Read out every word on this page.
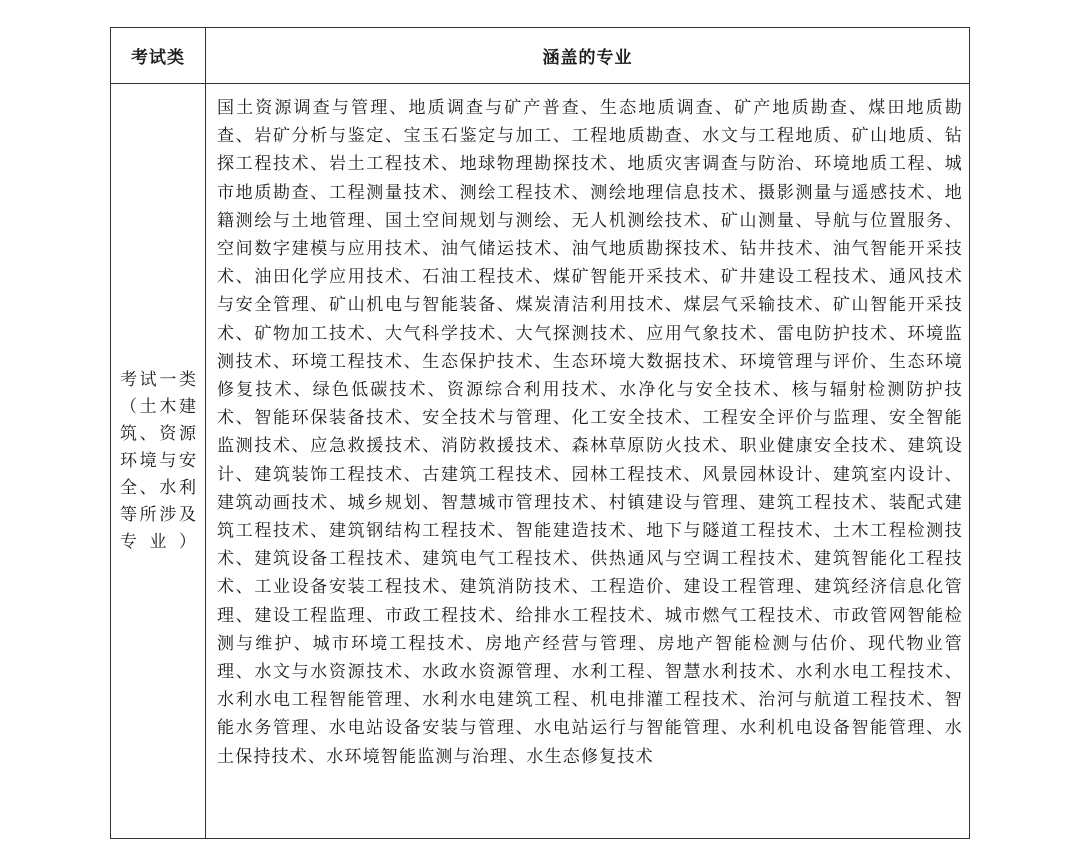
考试类	涵盖的专业
考试一类（土木建筑、资源环境与安全、水利等所涉及专业）

国土资源调查与管理、地质调查与矿产普查、生态地质调查、矿产地质勘查、煤田地质勘查、岩矿分析与鉴定、宝玉石鉴定与加工、工程地质勘查、水文与工程地质、矿山地质、钻探工程技术、岩土工程技术、地球物理勘探技术、地质灾害调查与防治、环境地质工程、城市地质勘查、工程测量技术、测绘工程技术、测绘地理信息技术、摄影测量与遥感技术、地籍测绘与土地管理、国土空间规划与测绘、无人机测绘技术、矿山测量、导航与位置服务、空间数字建模与应用技术、油气储运技术、油气地质勘探技术、钻井技术、油气智能开采技术、油田化学应用技术、石油工程技术、煤矿智能开采技术、矿井建设工程技术、通风技术与安全管理、矿山机电与智能装备、煤炭清洁利用技术、煤层气采输技术、矿山智能开采技术、矿物加工技术、大气科学技术、大气探测技术、应用气象技术、雷电防护技术、环境监测技术、环境工程技术、生态保护技术、生态环境大数据技术、环境管理与评价、生态环境修复技术、绿色低碳技术、资源综合利用技术、水净化与安全技术、核与辐射检测防护技术、智能环保装备技术、安全技术与管理、化工安全技术、工程安全评价与监理、安全智能监测技术、应急救援技术、消防救援技术、森林草原防火技术、职业健康安全技术、建筑设计、建筑装饰工程技术、古建筑工程技术、园林工程技术、风景园林设计、建筑室内设计、建筑动画技术、城乡规划、智慧城市管理技术、村镇建设与管理、建筑工程技术、装配式建筑工程技术、建筑钢结构工程技术、智能建造技术、地下与隧道工程技术、土木工程检测技术、建筑设备工程技术、建筑电气工程技术、供热通风与空调工程技术、建筑智能化工程技术、工业设备安装工程技术、建筑消防技术、工程造价、建设工程管理、建筑经济信息化管理、建设工程监理、市政工程技术、给排水工程技术、城市燃气工程技术、市政管网智能检测与维护、城市环境工程技术、房地产经营与管理、房地产智能检测与估价、现代物业管理、水文与水资源技术、水政水资源管理、水利工程、智慧水利技术、水利水电工程技术、水利水电工程智能管理、水利水电建筑工程、机电排灌工程技术、治河与航道工程技术、智能水务管理、水电站设备安装与管理、水电站运行与智能管理、水利机电设备智能管理、水土保持技术、水环境智能监测与治理、水生态修复技术
